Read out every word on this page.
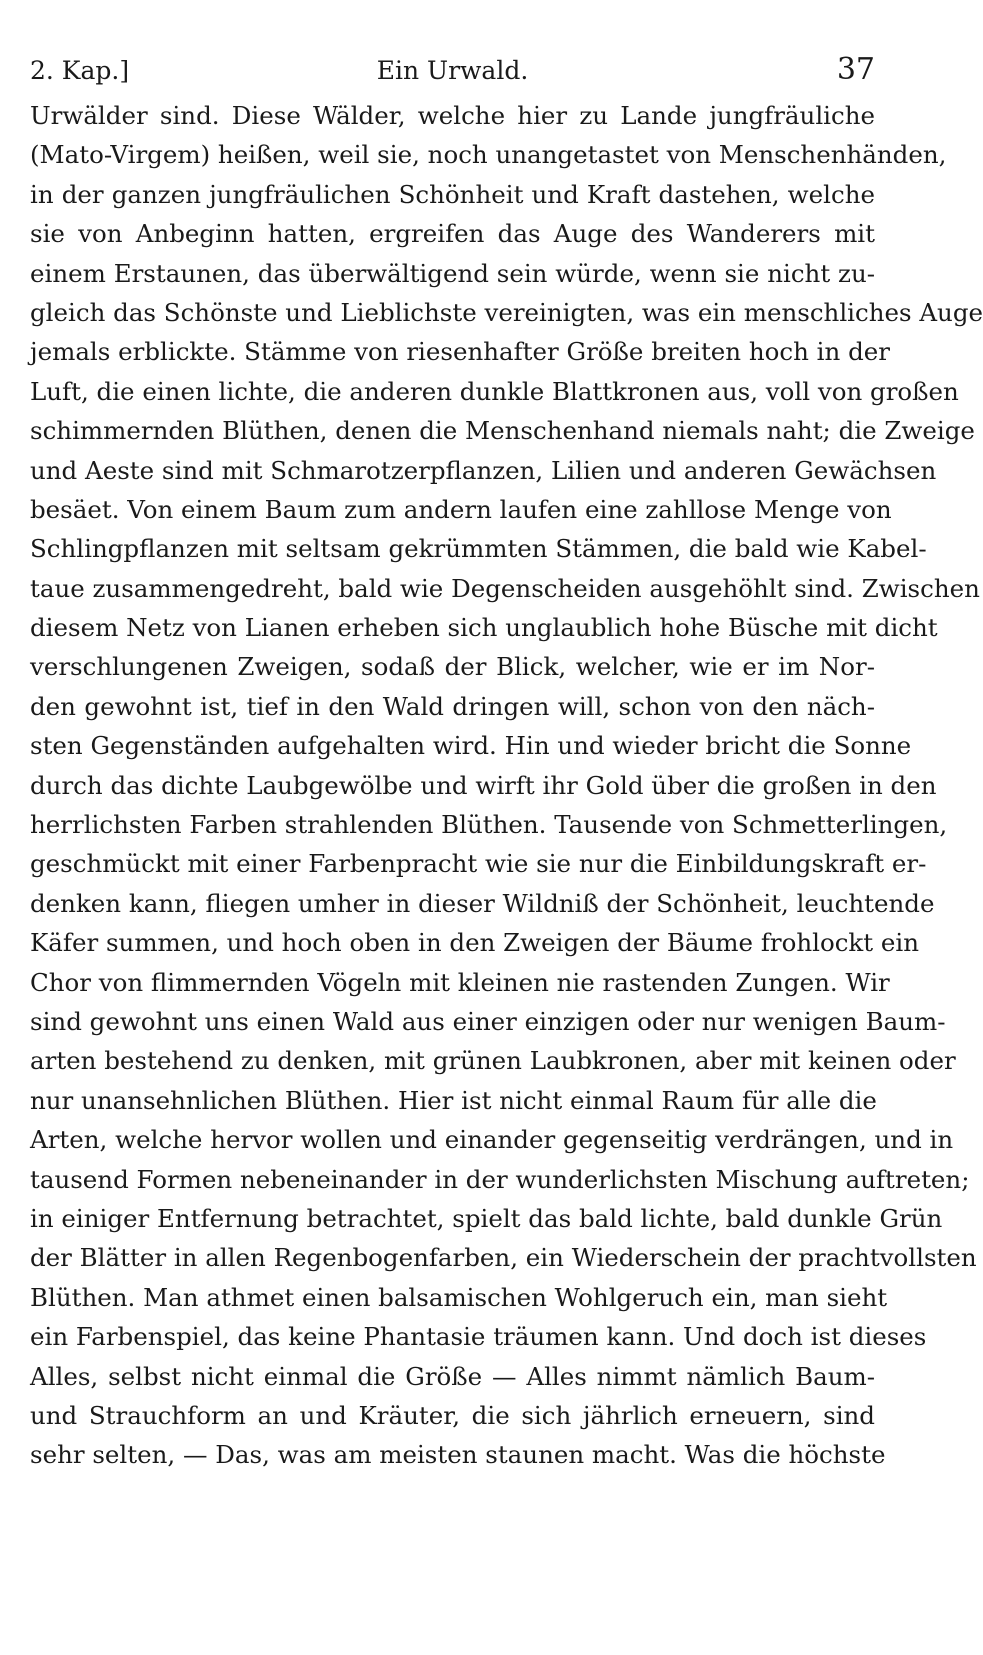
2. Kap.]	Ein Urwald.	37
Urwälder sind. Diese Wälder, welche hier zu Lande jungfräuliche
(Mato-Virgem) heißen, weil sie, noch unangetastet von Menschenhänden,
in der ganzen jungfräulichen Schönheit und Kraft dastehen, welche
sie von Anbeginn hatten, ergreifen das Auge des Wanderers mit
einem Erstaunen, das überwältigend sein würde, wenn sie nicht zu-
gleich das Schönste und Lieblichste vereinigten, was ein menschliches Auge
jemals erblickte. Stämme von riesenhafter Größe breiten hoch in der
Luft, die einen lichte, die anderen dunkle Blattkronen aus, voll von großen
schimmernden Blüthen, denen die Menschenhand niemals naht; die Zweige
und Aeste sind mit Schmarotzerpflanzen, Lilien und anderen Gewächsen
besäet. Von einem Baum zum andern laufen eine zahllose Menge von
Schlingpflanzen mit seltsam gekrümmten Stämmen, die bald wie Kabel-
taue zusammengedreht, bald wie Degenscheiden ausgehöhlt sind. Zwischen
diesem Netz von Lianen erheben sich unglaublich hohe Büsche mit dicht
verschlungenen Zweigen, sodaß der Blick, welcher, wie er im Nor-
den gewohnt ist, tief in den Wald dringen will, schon von den näch-
sten Gegenständen aufgehalten wird. Hin und wieder bricht die Sonne
durch das dichte Laubgewölbe und wirft ihr Gold über die großen in den
herrlichsten Farben strahlenden Blüthen. Tausende von Schmetterlingen,
geschmückt mit einer Farbenpracht wie sie nur die Einbildungskraft er-
denken kann, fliegen umher in dieser Wildniß der Schönheit, leuchtende
Käfer summen, und hoch oben in den Zweigen der Bäume frohlockt ein
Chor von flimmernden Vögeln mit kleinen nie rastenden Zungen. Wir
sind gewohnt uns einen Wald aus einer einzigen oder nur wenigen Baum-
arten bestehend zu denken, mit grünen Laubkronen, aber mit keinen oder
nur unansehnlichen Blüthen. Hier ist nicht einmal Raum für alle die
Arten, welche hervor wollen und einander gegenseitig verdrängen, und in
tausend Formen nebeneinander in der wunderlichsten Mischung auftreten;
in einiger Entfernung betrachtet, spielt das bald lichte, bald dunkle Grün
der Blätter in allen Regenbogenfarben, ein Wiederschein der prachtvollsten
Blüthen. Man athmet einen balsamischen Wohlgeruch ein, man sieht
ein Farbenspiel, das keine Phantasie träumen kann. Und doch ist dieses
Alles, selbst nicht einmal die Größe — Alles nimmt nämlich Baum-
und Strauchform an und Kräuter, die sich jährlich erneuern, sind
sehr selten, — Das, was am meisten staunen macht. Was die höchste
